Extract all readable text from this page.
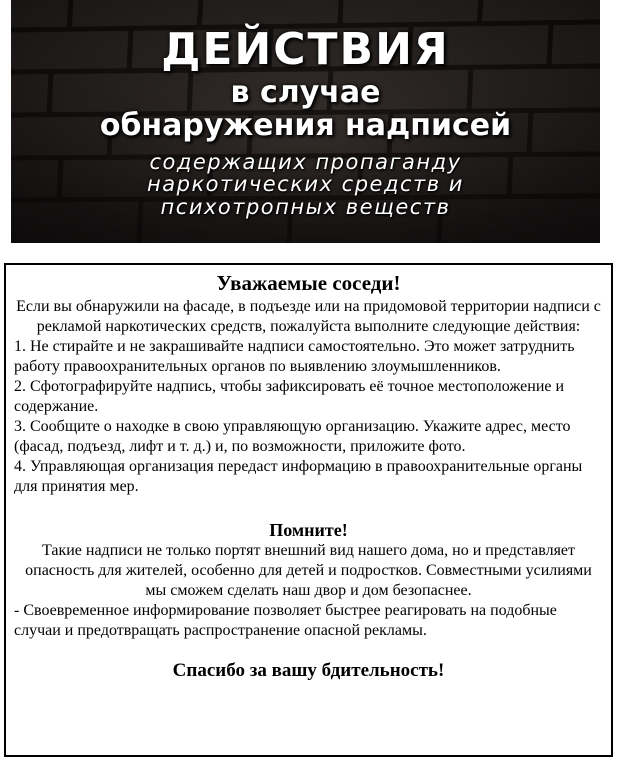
ДЕЙСТВИЯ
в случае
обнаружения надписей
содержащих пропаганду
наркотических средств и
психотропных веществ

Уважаемые соседи!

Если вы обнаружили на фасаде, в подъезде или на придомовой территории надписи с рекламой наркотических средств, пожалуйста выполните следующие действия:

1. Не стирайте и не закрашивайте надписи самостоятельно. Это может затруднить работу правоохранительных органов по выявлению злоумышленников.
2. Сфотографируйте надпись, чтобы зафиксировать её точное местоположение и содержание.
3. Сообщите о находке в свою управляющую организацию. Укажите адрес, место (фасад, подъезд, лифт и т. д.) и, по возможности, приложите фото.
4. Управляющая организация передаст информацию в правоохранительные органы для принятия мер.

Помните!

Такие надписи не только портят внешний вид нашего дома, но и представляет опасность для жителей, особенно для детей и подростков. Совместными усилиями мы сможем сделать наш двор и дом безопаснее.

- Своевременное информирование позволяет быстрее реагировать на подобные случаи и предотвращать распространение опасной рекламы.

Спасибо за вашу бдительность!
